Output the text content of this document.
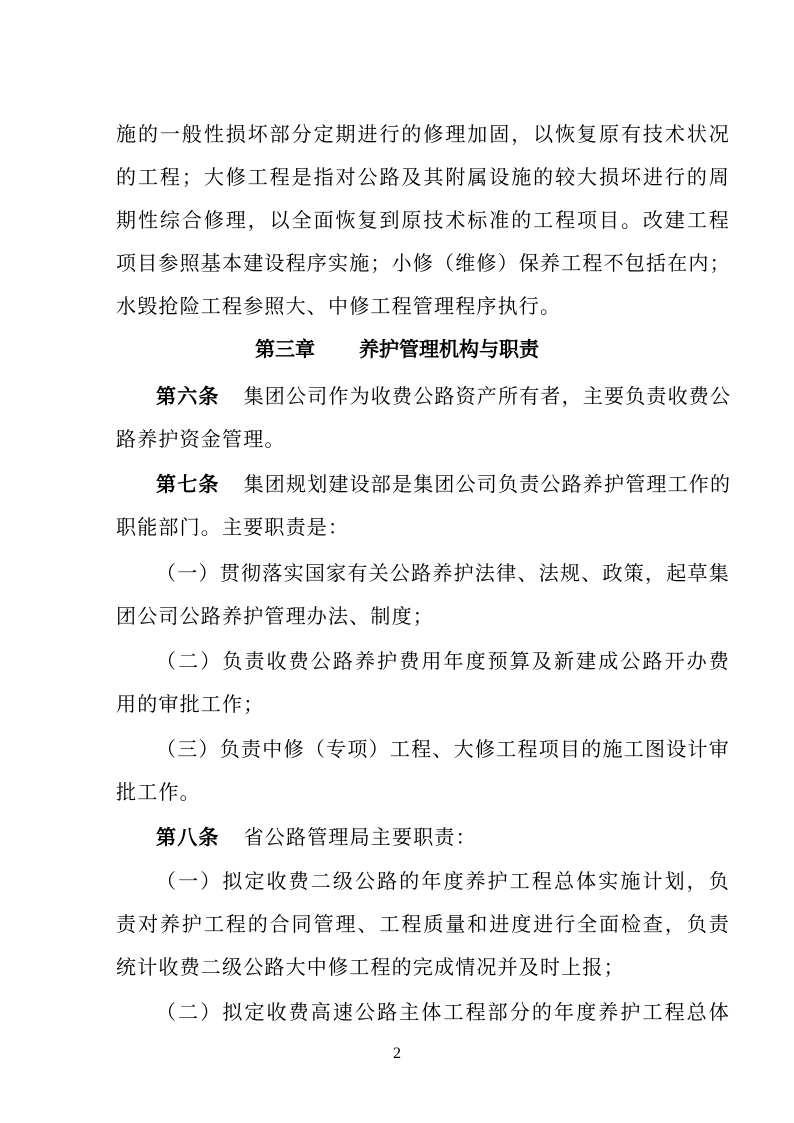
施的一般性损坏部分定期进行的修理加固，以恢复原有技术状况
的工程；大修工程是指对公路及其附属设施的较大损坏进行的周
期性综合修理，以全面恢复到原技术标准的工程项目。改建工程
项目参照基本建设程序实施；小修（维修）保养工程不包括在内；
水毁抢险工程参照大、中修工程管理程序执行。
第三章 养护管理机构与职责
第六条 集团公司作为收费公路资产所有者，主要负责收费公
路养护资金管理。
第七条 集团规划建设部是集团公司负责公路养护管理工作的
职能部门。主要职责是：
（一）贯彻落实国家有关公路养护法律、法规、政策，起草集
团公司公路养护管理办法、制度；
（二）负责收费公路养护费用年度预算及新建成公路开办费
用的审批工作；
（三）负责中修（专项）工程、大修工程项目的施工图设计审
批工作。
第八条 省公路管理局主要职责：
（一）拟定收费二级公路的年度养护工程总体实施计划，负
责对养护工程的合同管理、工程质量和进度进行全面检查，负责
统计收费二级公路大中修工程的完成情况并及时上报；
（二）拟定收费高速公路主体工程部分的年度养护工程总体
2
